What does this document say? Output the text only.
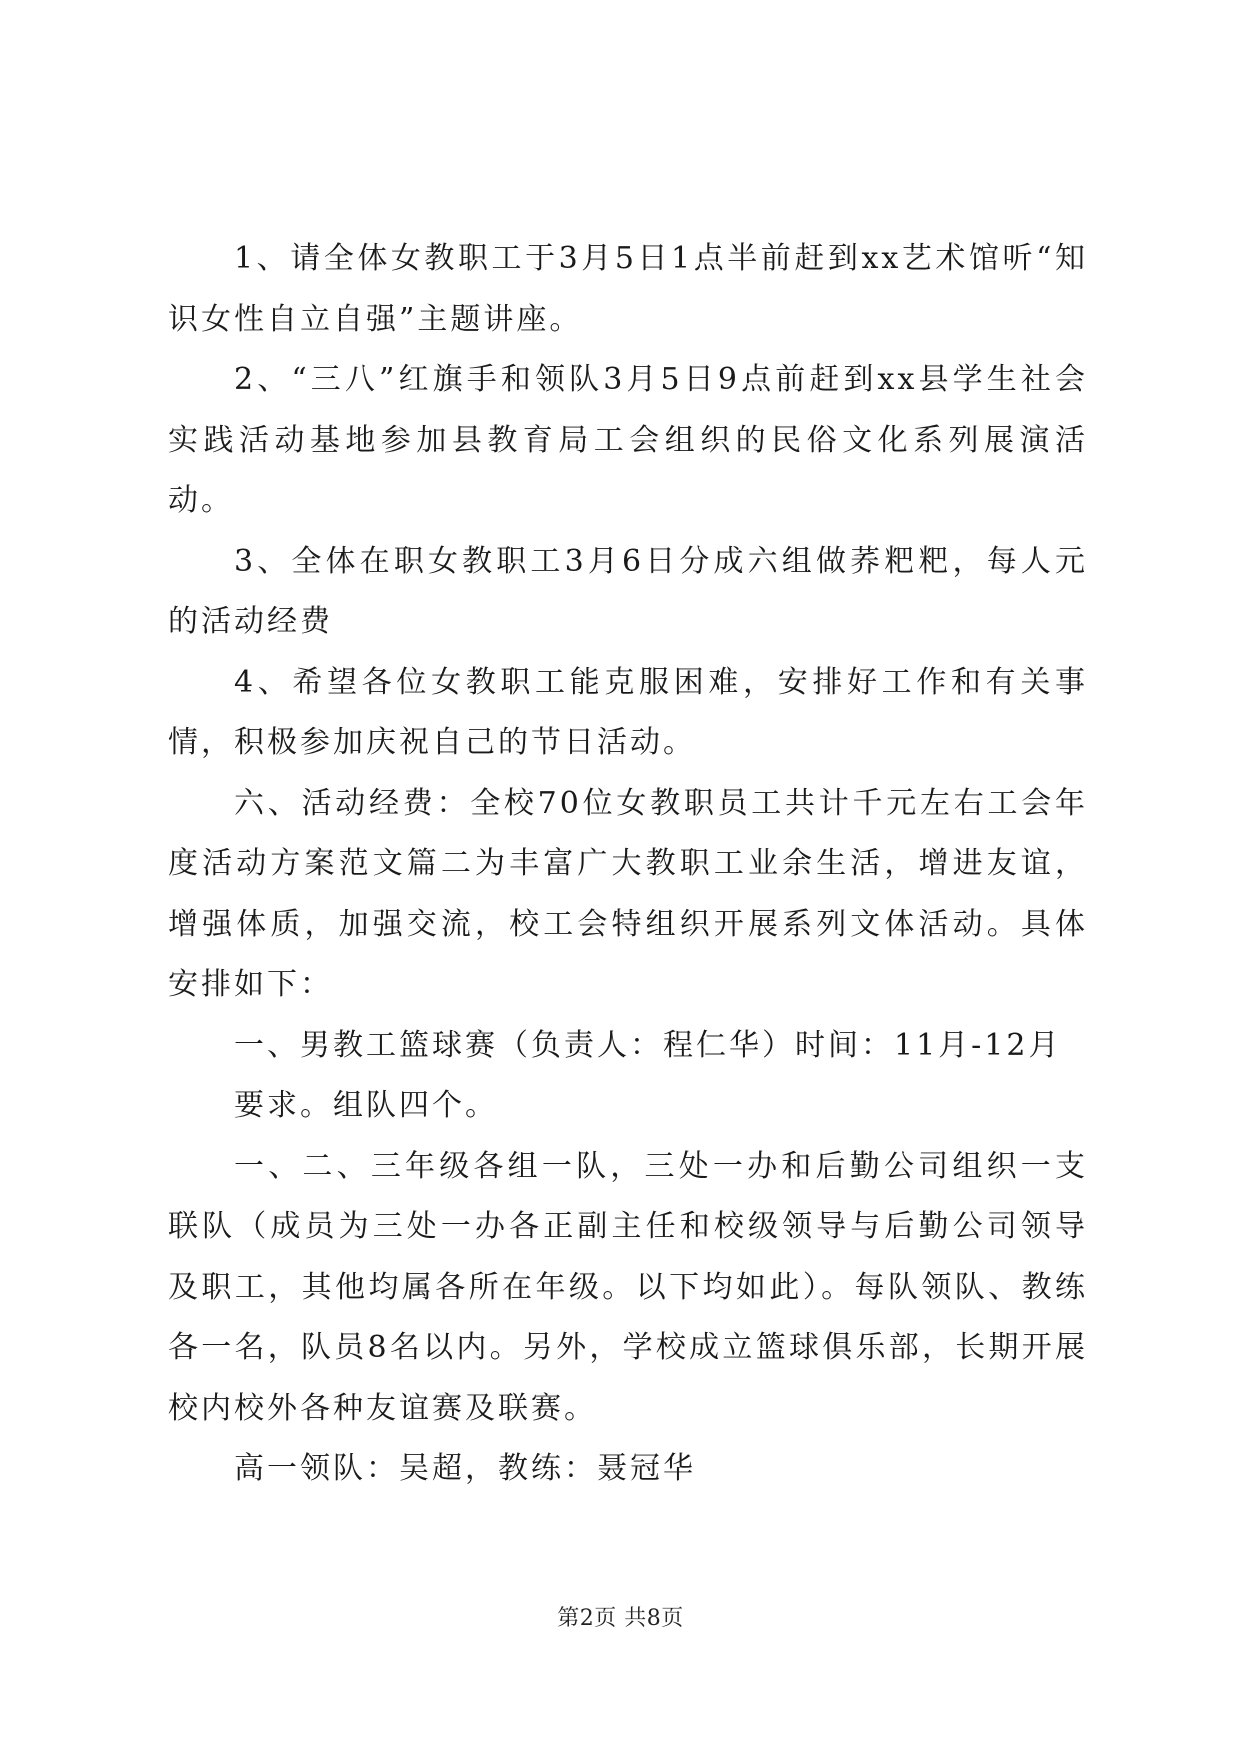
1、请全体女教职工于3月5日1点半前赶到xx艺术馆听“知识女性自立自强”主题讲座。

2、“三八”红旗手和领队3月5日9点前赶到xx县学生社会实践活动基地参加县教育局工会组织的民俗文化系列展演活动。

3、全体在职女教职工3月6日分成六组做荞粑粑，每人元的活动经费

4、希望各位女教职工能克服困难，安排好工作和有关事情，积极参加庆祝自己的节日活动。

六、活动经费：全校70位女教职员工共计千元左右工会年度活动方案范文篇二为丰富广大教职工业余生活，增进友谊，增强体质，加强交流，校工会特组织开展系列文体活动。具体安排如下：

一、男教工篮球赛（负责人：程仁华）时间：11月-12月

要求。组队四个。

一、二、三年级各组一队，三处一办和后勤公司组织一支联队（成员为三处一办各正副主任和校级领导与后勤公司领导及职工，其他均属各所在年级。以下均如此）。每队领队、教练各一名，队员8名以内。另外，学校成立篮球俱乐部，长期开展校内校外各种友谊赛及联赛。

高一领队：吴超，教练：聂冠华

第2页 共8页
